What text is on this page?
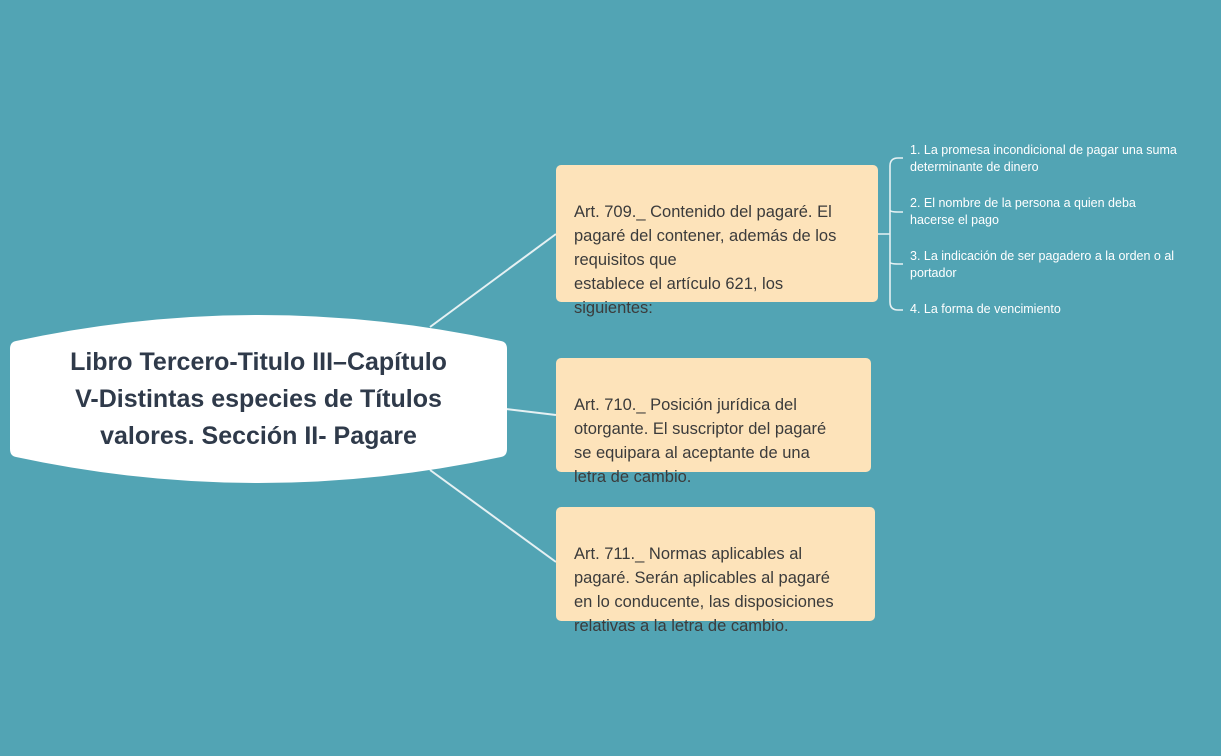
Libro Tercero-Titulo III–Capítulo
V-Distintas especies de Títulos
valores. Sección II- Pagare

Art. 709._ Contenido del pagaré. El
pagaré del contener, además de los
requisitos que
establece el artículo 621, los
siguientes:

Art. 710._ Posición jurídica del
otorgante. El suscriptor del pagaré
se equipara al aceptante de una
letra de cambio.

Art. 711._ Normas aplicables al
pagaré. Serán aplicables al pagaré
en lo conducente, las disposiciones
relativas a la letra de cambio.

1. La promesa incondicional de pagar una suma
determinante de dinero
2. El nombre de la persona a quien deba
hacerse el pago
3. La indicación de ser pagadero a la orden o al
portador
4. La forma de vencimiento
